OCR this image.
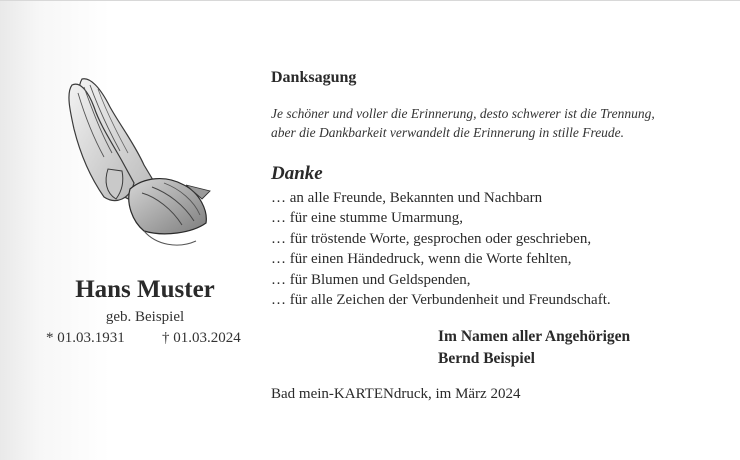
Hans Muster
geb. Beispiel
* 01.03.1931 † 01.03.2024
Danksagung
Je schöner und voller die Erinnerung, desto schwerer ist die Trennung,
aber die Dankbarkeit verwandelt die Erinnerung in stille Freude.
Danke
… an alle Freunde, Bekannten und Nachbarn
… für eine stumme Umarmung,
… für tröstende Worte, gesprochen oder geschrieben,
… für einen Händedruck, wenn die Worte fehlten,
… für Blumen und Geldspenden,
… für alle Zeichen der Verbundenheit und Freundschaft.
Im Namen aller Angehörigen
Bernd Beispiel
Bad mein-KARTENdruck, im März 2024
